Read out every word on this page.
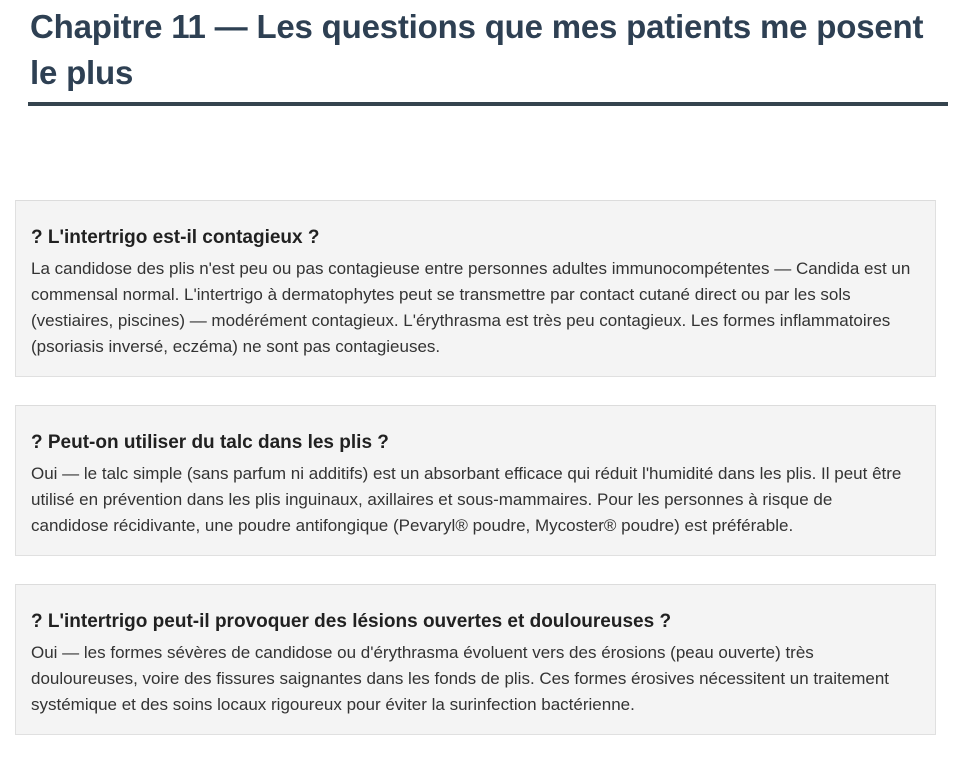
Chapitre 11 — Les questions que mes patients me posent le plus
? L'intertrigo est-il contagieux ?

La candidose des plis n'est peu ou pas contagieuse entre personnes adultes immunocompétentes — Candida est un commensal normal. L'intertrigo à dermatophytes peut se transmettre par contact cutané direct ou par les sols (vestiaires, piscines) — modérément contagieux. L'érythrasma est très peu contagieux. Les formes inflammatoires (psoriasis inversé, eczéma) ne sont pas contagieuses.

? Peut-on utiliser du talc dans les plis ?

Oui — le talc simple (sans parfum ni additifs) est un absorbant efficace qui réduit l'humidité dans les plis. Il peut être utilisé en prévention dans les plis inguinaux, axillaires et sous-mammaires. Pour les personnes à risque de candidose récidivante, une poudre antifongique (Pevaryl® poudre, Mycoster® poudre) est préférable.

? L'intertrigo peut-il provoquer des lésions ouvertes et douloureuses ?

Oui — les formes sévères de candidose ou d'érythrasma évoluent vers des érosions (peau ouverte) très douloureuses, voire des fissures saignantes dans les fonds de plis. Ces formes érosives nécessitent un traitement systémique et des soins locaux rigoureux pour éviter la surinfection bactérienne.
